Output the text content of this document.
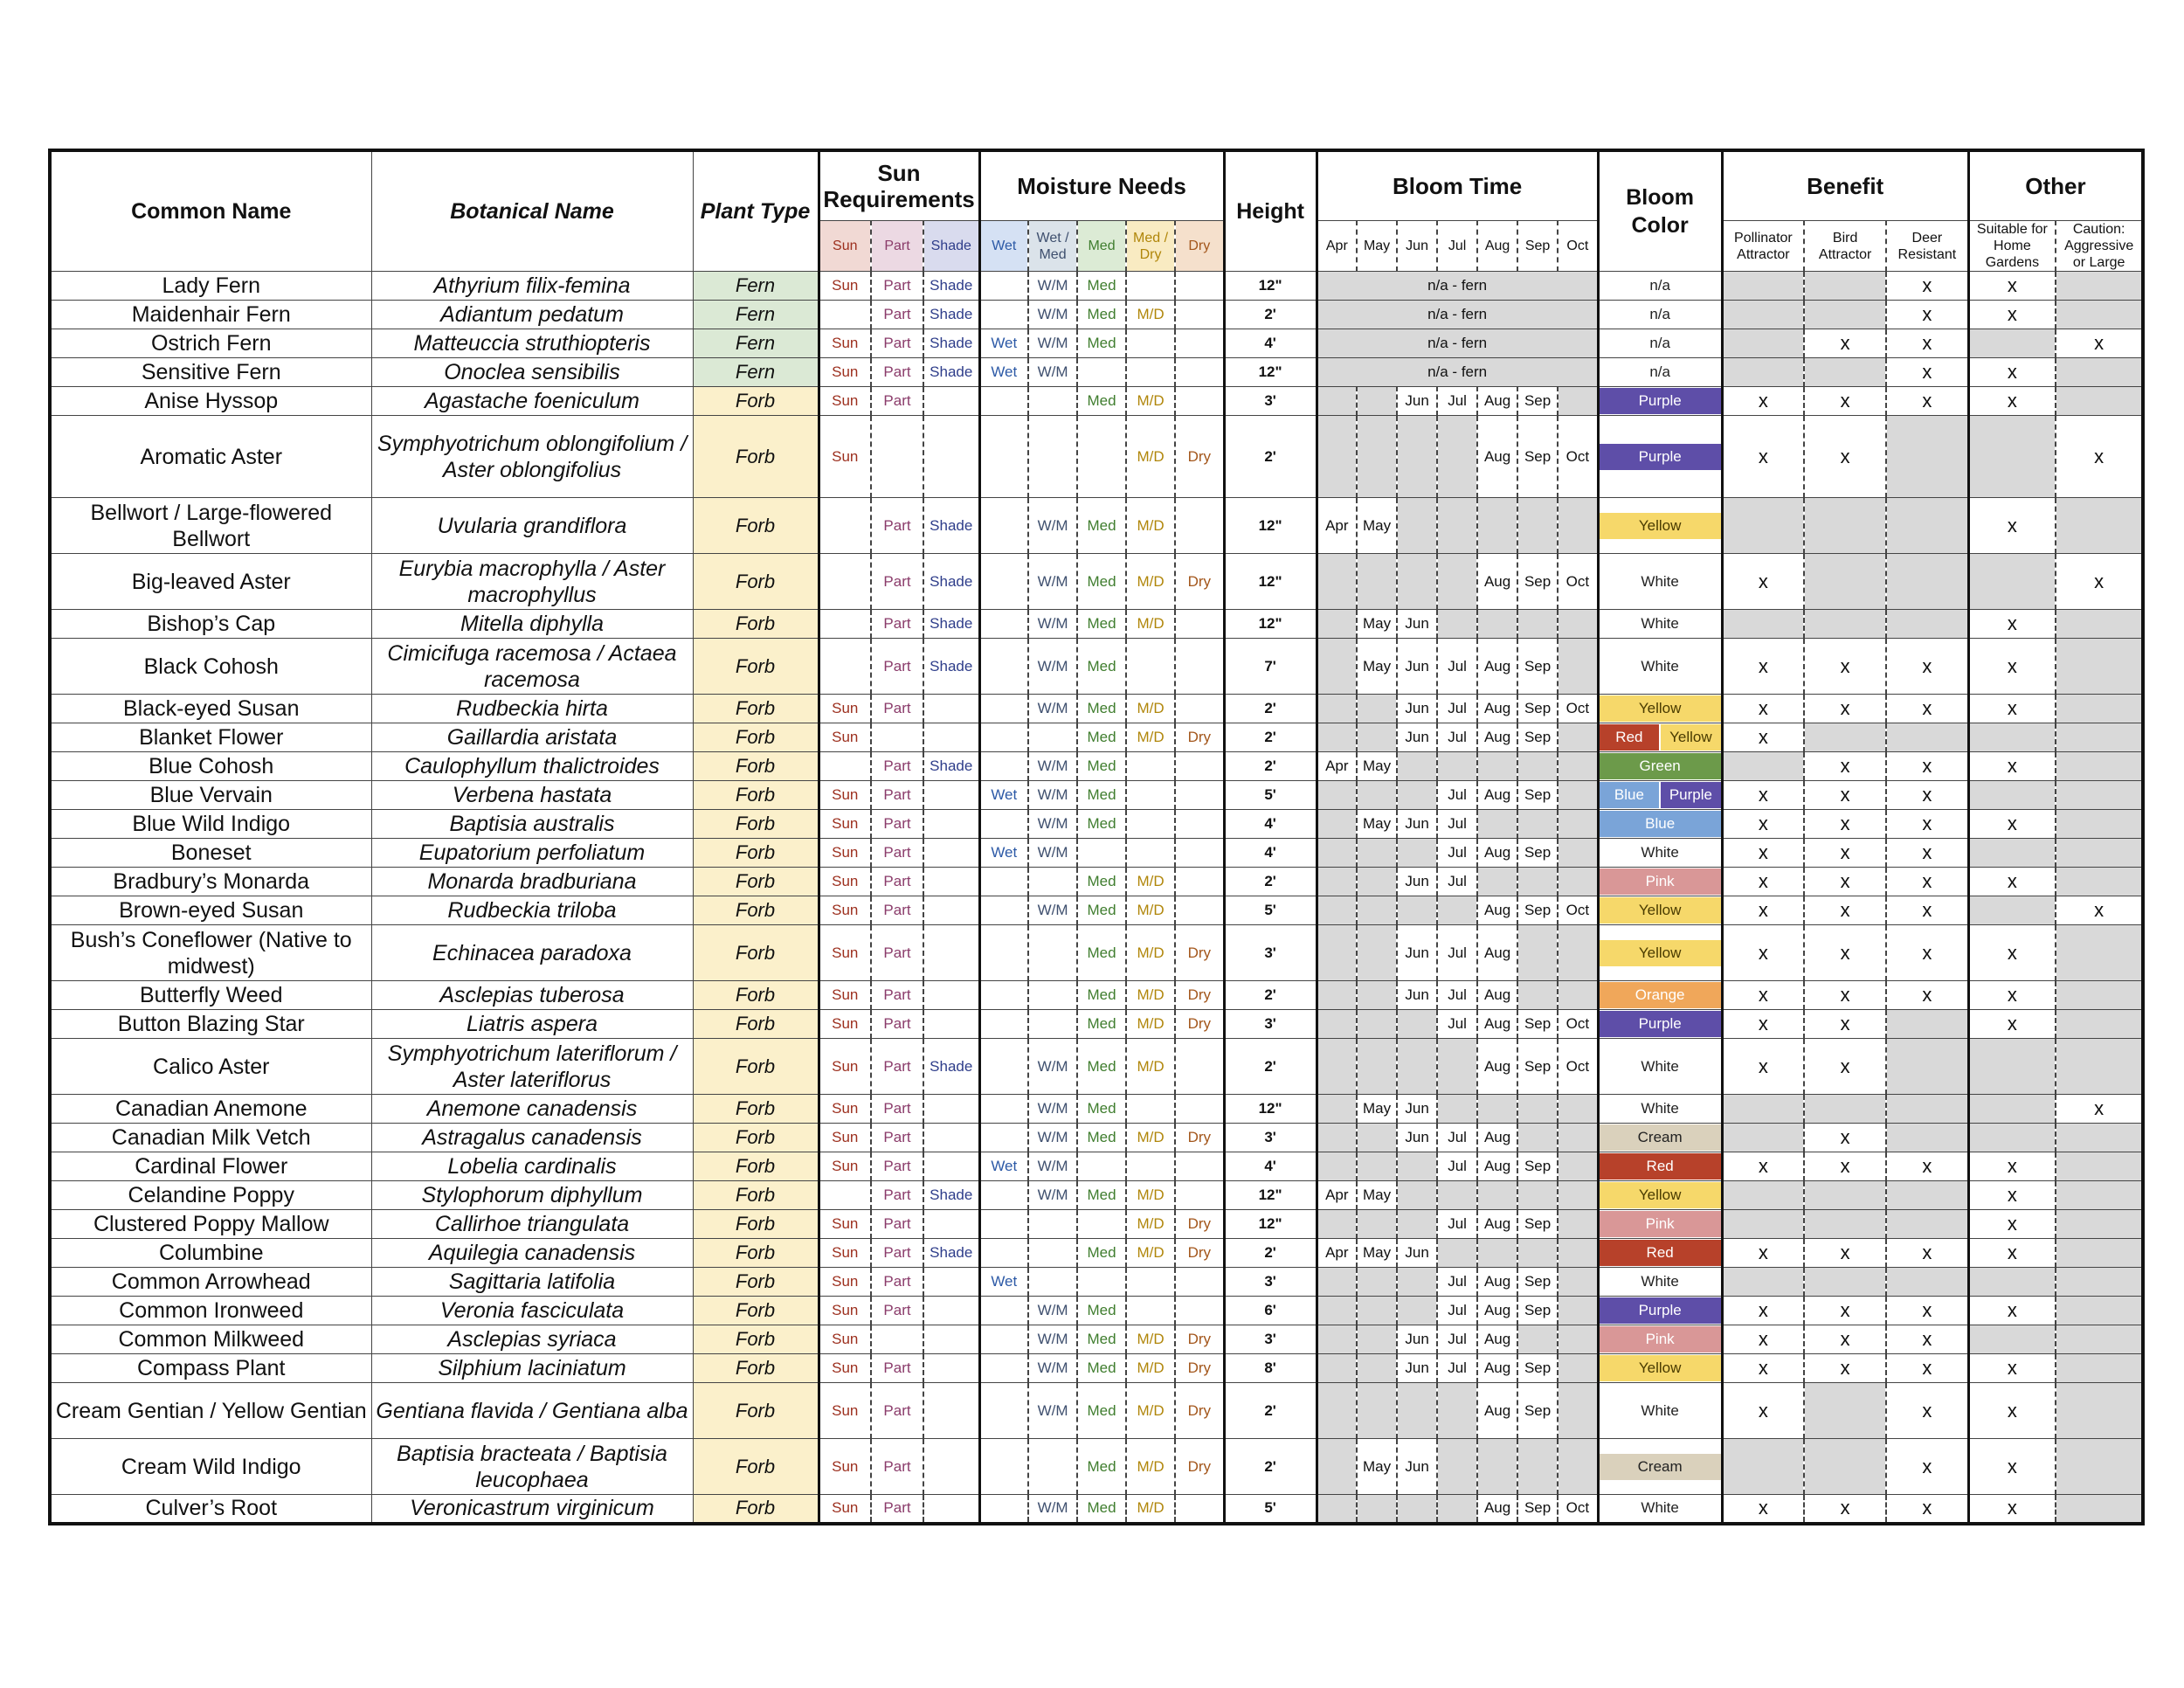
Common Name	Botanical Name	Plant Type	Sun Requirements			Moisture Needs					Height	Bloom Time							Bloom Color	Benefit			Other	
			Sun	Part	Shade	Wet	Wet / Med	Med	Med / Dry	Dry		Apr	May	Jun	Jul	Aug	Sep	Oct		Pollinator Attractor	Bird Attractor	Deer Resistant	Suitable for Home Gardens	Caution: Aggressive or Large
Lady Fern	Athyrium filix-femina	Fern	Sun	Part	Shade		W/M	Med			12"	n/a - fern							n/a			x	x	
Maidenhair Fern	Adiantum pedatum	Fern		Part	Shade		W/M	Med	M/D		2'	n/a - fern							n/a			x	x	
Ostrich Fern	Matteuccia struthiopteris	Fern	Sun	Part	Shade	Wet	W/M	Med			4'	n/a - fern							n/a		x	x		x
Sensitive Fern	Onoclea sensibilis	Fern	Sun	Part	Shade	Wet	W/M				12"	n/a - fern							n/a			x	x	
Anise Hyssop	Agastache foeniculum	Forb	Sun	Part				Med	M/D		3'			Jun	Jul	Aug	Sep		Purple	x	x	x	x	
Aromatic Aster	Symphyotrichum oblongifolium / Aster oblongifolius	Forb	Sun						M/D	Dry	2'					Aug	Sep	Oct	Purple	x	x			x
Bellwort / Large-flowered Bellwort	Uvularia grandiflora	Forb		Part	Shade		W/M	Med	M/D		12"	Apr	May						Yellow				x	
Big-leaved Aster	Eurybia macrophylla / Aster macrophyllus	Forb		Part	Shade		W/M	Med	M/D	Dry	12"					Aug	Sep	Oct	White	x				x
Bishop’s Cap	Mitella diphylla	Forb		Part	Shade		W/M	Med	M/D		12"		May	Jun					White				x	
Black Cohosh	Cimicifuga racemosa / Actaea racemosa	Forb		Part	Shade		W/M	Med			7'		May	Jun	Jul	Aug	Sep		White	x	x	x	x	
Black-eyed Susan	Rudbeckia hirta	Forb	Sun	Part			W/M	Med	M/D		2'			Jun	Jul	Aug	Sep	Oct	Yellow	x	x	x	x	
Blanket Flower	Gaillardia aristata	Forb	Sun					Med	M/D	Dry	2'			Jun	Jul	Aug	Sep		Red Yellow	x				
Blue Cohosh	Caulophyllum thalictroides	Forb		Part	Shade		W/M	Med			2'	Apr	May						Green		x	x	x	
Blue Vervain	Verbena hastata	Forb	Sun	Part		Wet	W/M	Med			5'				Jul	Aug	Sep		Blue Purple	x	x	x		
Blue Wild Indigo	Baptisia australis	Forb	Sun	Part			W/M	Med			4'		May	Jun	Jul				Blue	x	x	x	x	
Boneset	Eupatorium perfoliatum	Forb	Sun	Part		Wet	W/M				4'				Jul	Aug	Sep		White	x	x	x		
Bradbury’s Monarda	Monarda bradburiana	Forb	Sun	Part				Med	M/D		2'			Jun	Jul				Pink	x	x	x	x	
Brown-eyed Susan	Rudbeckia triloba	Forb	Sun	Part			W/M	Med	M/D		5'					Aug	Sep	Oct	Yellow	x	x	x		x
Bush’s Coneflower (Native to midwest)	Echinacea paradoxa	Forb	Sun	Part				Med	M/D	Dry	3'			Jun	Jul	Aug			Yellow	x	x	x	x	
Butterfly Weed	Asclepias tuberosa	Forb	Sun	Part				Med	M/D	Dry	2'			Jun	Jul	Aug			Orange	x	x	x	x	
Button Blazing Star	Liatris aspera	Forb	Sun	Part				Med	M/D	Dry	3'				Jul	Aug	Sep	Oct	Purple	x	x		x	
Calico Aster	Symphyotrichum lateriflorum / Aster lateriflorus	Forb	Sun	Part	Shade		W/M	Med	M/D		2'					Aug	Sep	Oct	White	x	x			
Canadian Anemone	Anemone canadensis	Forb	Sun	Part			W/M	Med			12"		May	Jun					White					x
Canadian Milk Vetch	Astragalus canadensis	Forb	Sun	Part			W/M	Med	M/D	Dry	3'			Jun	Jul	Aug			Cream		x			
Cardinal Flower	Lobelia cardinalis	Forb	Sun	Part		Wet	W/M				4'				Jul	Aug	Sep		Red	x	x	x	x	
Celandine Poppy	Stylophorum diphyllum	Forb		Part	Shade		W/M	Med	M/D		12"	Apr	May						Yellow				x	
Clustered Poppy Mallow	Callirhoe triangulata	Forb	Sun	Part					M/D	Dry	12"				Jul	Aug	Sep		Pink				x	
Columbine	Aquilegia canadensis	Forb	Sun	Part	Shade			Med	M/D	Dry	2'	Apr	May	Jun					Red	x	x	x	x	
Common Arrowhead	Sagittaria latifolia	Forb	Sun	Part		Wet					3'				Jul	Aug	Sep		White					

Common Ironweed	Veronia fasciculata	Forb	Sun	Part			W/M	Med			6'				Jul	Aug	Sep		Purple	x	x	x	x	
Common Milkweed	Asclepias syriaca	Forb	Sun				W/M	Med	M/D	Dry	3'			Jun	Jul	Aug			Pink	x	x	x		
Compass Plant	Silphium laciniatum	Forb	Sun	Part			W/M	Med	M/D	Dry	8'			Jun	Jul	Aug	Sep		Yellow	x	x	x	x	
Cream Gentian / Yellow Gentian	Gentiana flavida / Gentiana alba	Forb	Sun	Part			W/M	Med	M/D	Dry	2'					Aug	Sep		White	x		x	x	
Cream Wild Indigo	Baptisia bracteata / Baptisia leucophaea	Forb	Sun	Part				Med	M/D	Dry	2'		May	Jun					Cream			x	x	
Culver’s Root	Veronicastrum virginicum	Forb	Sun	Part			W/M	Med	M/D		5'					Aug	Sep	Oct	White	x	x	x	x	
